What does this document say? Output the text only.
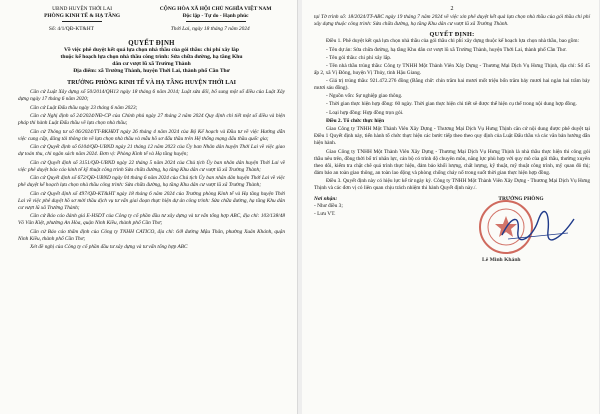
UBND HUYỆN THỚI LAI
PHÒNG KINH TẾ & HẠ TẦNG
CỘNG HÒA XÃ HỘI CHỦ NGHĨA VIỆT NAM
Độc lập - Tự do - Hạnh phúc
Số: 4/1/QĐ-KT&HT	Thới Lai, ngày 18 tháng 7 năm 2024
QUYẾT ĐỊNH
Về việc phê duyệt kết quả lựa chọn nhà thầu của gói thầu: chi phí xây lắp
thuộc kế hoạch lựa chọn nhà thầu công trình: Sửa chữa đường, hạ tầng Khu
dân cư vượt lũ xã Trường Thành
Địa điểm: xã Trường Thành, huyện Thới Lai, thành phố Cần Thơ
TRƯỞNG PHÒNG KINH TẾ VÀ HẠ TẦNG HUYỆN THỚI LAI

Căn cứ Luật Xây dựng số 50/2014/QH13 ngày 18 tháng 6 năm 2014; Luật sửa đổi, bổ sung một số điều của Luật Xây dựng ngày 17 tháng 6 năm 2020;

Căn cứ Luật Đấu thầu ngày 23 tháng 6 năm 2023;

Căn cứ Nghị định số 24/2024/NĐ-CP của Chính phủ ngày 27 tháng 2 năm 2024 Quy định chi tiết một số điều và biện pháp thi hành Luật Đấu thầu về lựa chọn nhà thầu;

Căn cứ Thông tư số 06/2024/TT-BKHĐT ngày 26 tháng 4 năm 2024 của Bộ Kế hoạch và Đầu tư về việc Hướng dẫn việc cung cấp, đăng tải thông tin về lựa chọn nhà thầu và mẫu hồ sơ đấu thầu trên Hệ thống mạng đấu thầu quốc gia;

Căn cứ Quyết định số 6104/QĐ-UBND ngày 21 tháng 12 năm 2023 của Ủy ban Nhân dân huyện Thới Lai về việc giao dự toán thu, chi ngân sách năm 2024. Đơn vị: Phòng Kinh tế và Hạ tầng huyện;

Căn cứ Quyết định số 3151/QĐ-UBND ngày 22 tháng 5 năm 2024 của Chủ tịch Ủy ban nhân dân huyện Thới Lai về việc phê duyệt báo cáo kinh tế kỹ thuật công trình Sửa chữa đường, hạ tầng Khu dân cư vượt lũ xã Trường Thành;

Căn cứ Quyết định số 672/QĐ-UBND ngày 04 tháng 6 năm 2024 của Chủ tịch Ủy ban nhân dân huyện Thới Lai về việc phê duyệt kế hoạch lựa chọn nhà thầu công trình: Sửa chữa đường, hạ tầng Khu dân cư vượt lũ xã Trường Thành;

Căn cứ Quyết định số 497/QĐ-KT&HT ngày 18 tháng 6 năm 2024 của Trưởng phòng Kinh tế và Hạ tầng huyện Thới Lai về việc phê duyệt hồ sơ mời thầu dịch vụ tư vấn giai đoạn thực hiện dự án công trình: Sửa chữa đường, hạ tầng Khu dân cư vượt lũ xã Trường Thành;

Căn cứ Báo cáo đánh giá E-HSDT của Công ty cổ phần đầu tư xây dựng và tư vấn tổng hợp ABC, địa chỉ: 103/138/48 Võ Văn Kiệt, phường An Hòa, quận Ninh Kiều, thành phố Cần Thơ;

Căn cứ Báo cáo thẩm định của Công ty TNHH CATICO, địa chỉ: 6/8 đường Mậu Thân, phường Xuân Khánh, quận Ninh Kiều, thành phố Cần Thơ;

Xét đề nghị của Công ty cổ phần đầu tư xây dựng và tư vấn tổng hợp ABC

2

tại Tờ trình số: 18/2024/TT-ABC ngày 19 tháng 7 năm 2024 về việc xin phê duyệt kết quả lựa chọn nhà thầu của gói thầu chi phí xây dựng thuộc công trình: Sửa chữa đường, hạ tầng Khu dân cư vượt lũ xã Trường Thành.

QUYẾT ĐỊNH:

Điều 1. Phê duyệt kết quả lựa chọn nhà thầu của gói thầu chi phí xây dựng thuộc kế hoạch lựa chọn nhà thầu, bao gồm:

- Tên dự án: Sửa chữa đường, hạ tầng Khu dân cư vượt lũ xã Trường Thành, huyện Thới Lai, thành phố Cần Thơ.

- Tên gói thầu: chi phí xây lắp.

- Tên nhà thầu trúng thầu: Công ty TNHH Một Thành Viên Xây Dựng - Thương Mại Dịch Vụ Hưng Thịnh, địa chỉ: Số 45 ấp 2, xã Vị Đông, huyện Vị Thủy, tỉnh Hậu Giang.

- Giá trị trúng thầu: 921.472.276 đồng (Bằng chữ: chín trăm hai mươi mốt triệu bốn trăm bảy mươi hai ngàn hai trăm bảy mươi sáu đồng).

- Nguồn vốn: Sự nghiệp giao thông.

- Thời gian thực hiện hợp đồng: 60 ngày. Thời gian thực hiện chi tiết sẽ được thể hiện cụ thể trong nội dung hợp đồng.

- Loại hợp đồng: Hợp đồng trọn gói.

Điều 2. Tổ chức thực hiện

Giao Công ty TNHH Một Thành Viên Xây Dựng - Thương Mại Dịch Vụ Hưng Thịnh căn cứ nội dung được phê duyệt tại Điều 1 Quyết định này, tiến hành tổ chức thực hiện các bước tiếp theo theo quy định của Luật Đấu thầu và các văn bản hướng dẫn hiện hành.

Giao Công ty TNHH Một Thành Viên Xây Dựng - Thương Mại Dịch Vụ Hưng Thịnh là nhà thầu thực hiện thi công gói thầu nêu trên, đồng thời bố trí nhân lực, cán bộ có trình độ chuyên môn, năng lực phù hợp với quy mô của gói thầu, thường xuyên theo dõi, kiểm tra chặt chẽ quá trình thực hiện, đảm bảo khối lượng, chất lượng, kỹ thuật, mỹ thuật công trình, mỹ quan đô thị; đảm bảo an toàn giao thông, an toàn lao động và phòng chống cháy nổ trong suốt thời gian thực hiện hợp đồng.

Điều 3. Quyết định này có hiệu lực kể từ ngày ký. Công ty TNHH Một Thành Viên Xây Dựng - Thương Mại Dịch Vụ Hưng Thịnh và các đơn vị có liên quan chịu trách nhiệm thi hành Quyết định này./.

Nơi nhận:
- Như điều 3;
- Lưu VT.
TRƯỞNG PHÒNG
Lê Minh Khánh
